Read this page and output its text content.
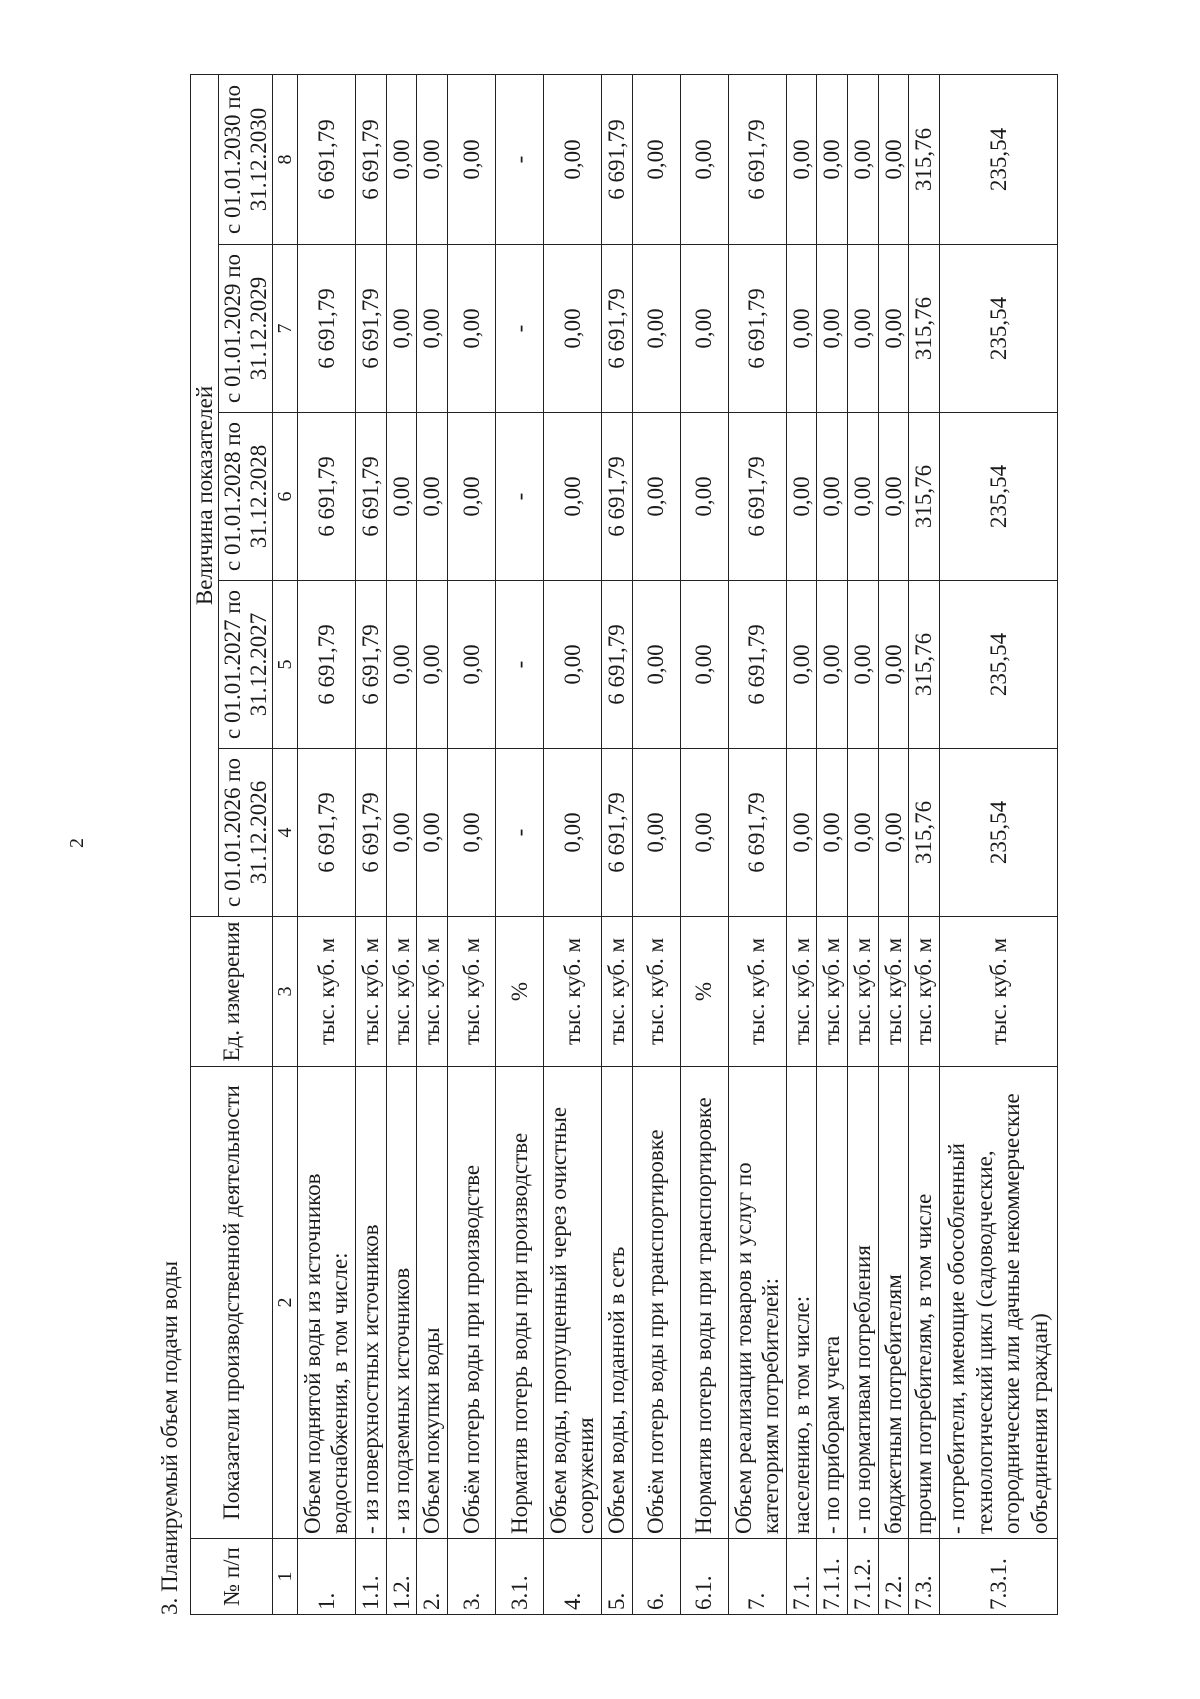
2
3. Планируемый объем подачи воды	№ п/п	Показатели производственной деятельности	Ед. измерения	Величина показателей				
			с 01.01.2026 по 31.12.2026	с 01.01.2027 по 31.12.2027	с 01.01.2028 по 31.12.2028	с 01.01.2029 по 31.12.2029	с 01.01.2030 по 31.12.2030
1	2	3	4	5	6	7	8
1.	Объем поднятой воды из источников водоснабжения, в том числе:	тыс. куб. м	6 691,79	6 691,79	6 691,79	6 691,79	6 691,79
1.1.	- из поверхностных источников	тыс. куб. м	6 691,79	6 691,79	6 691,79	6 691,79	6 691,79
1.2.	- из подземных источников	тыс. куб. м	0,00	0,00	0,00	0,00	0,00
2.	Объем покупки воды	тыс. куб. м	0,00	0,00	0,00	0,00	0,00
3.	Объём потерь воды при производстве	тыс. куб. м	0,00	0,00	0,00	0,00	0,00
3.1.	Норматив потерь воды при производстве	%	-	-	-	-	-
4.	Объем воды, пропущенный через очистные сооружения	тыс. куб. м	0,00	0,00	0,00	0,00	0,00
5.	Объем воды, поданной в сеть	тыс. куб. м	6 691,79	6 691,79	6 691,79	6 691,79	6 691,79
6.	Объём потерь воды при транспортировке	тыс. куб. м	0,00	0,00	0,00	0,00	0,00
6.1.	Норматив потерь воды при транспортировке	%	0,00	0,00	0,00	0,00	0,00
7.	Объем реализации товаров и услуг по категориям потребителей:	тыс. куб. м	6 691,79	6 691,79	6 691,79	6 691,79	6 691,79
7.1.	населению, в том числе:	тыс. куб. м	0,00	0,00	0,00	0,00	0,00
7.1.1.	- по приборам учета	тыс. куб. м	0,00	0,00	0,00	0,00	0,00
7.1.2.	- по нормативам потребления	тыс. куб. м	0,00	0,00	0,00	0,00	0,00
7.2.	бюджетным потребителям	тыс. куб. м	0,00	0,00	0,00	0,00	0,00
7.3.	прочим потребителям, в том числе	тыс. куб. м	315,76	315,76	315,76	315,76	315,76
7.3.1.	- потребители, имеющие обособленный технологический цикл (садоводческие, огороднические или дачные некоммерческие объединения граждан)	тыс. куб. м	235,54	235,54	235,54	235,54	235,54
